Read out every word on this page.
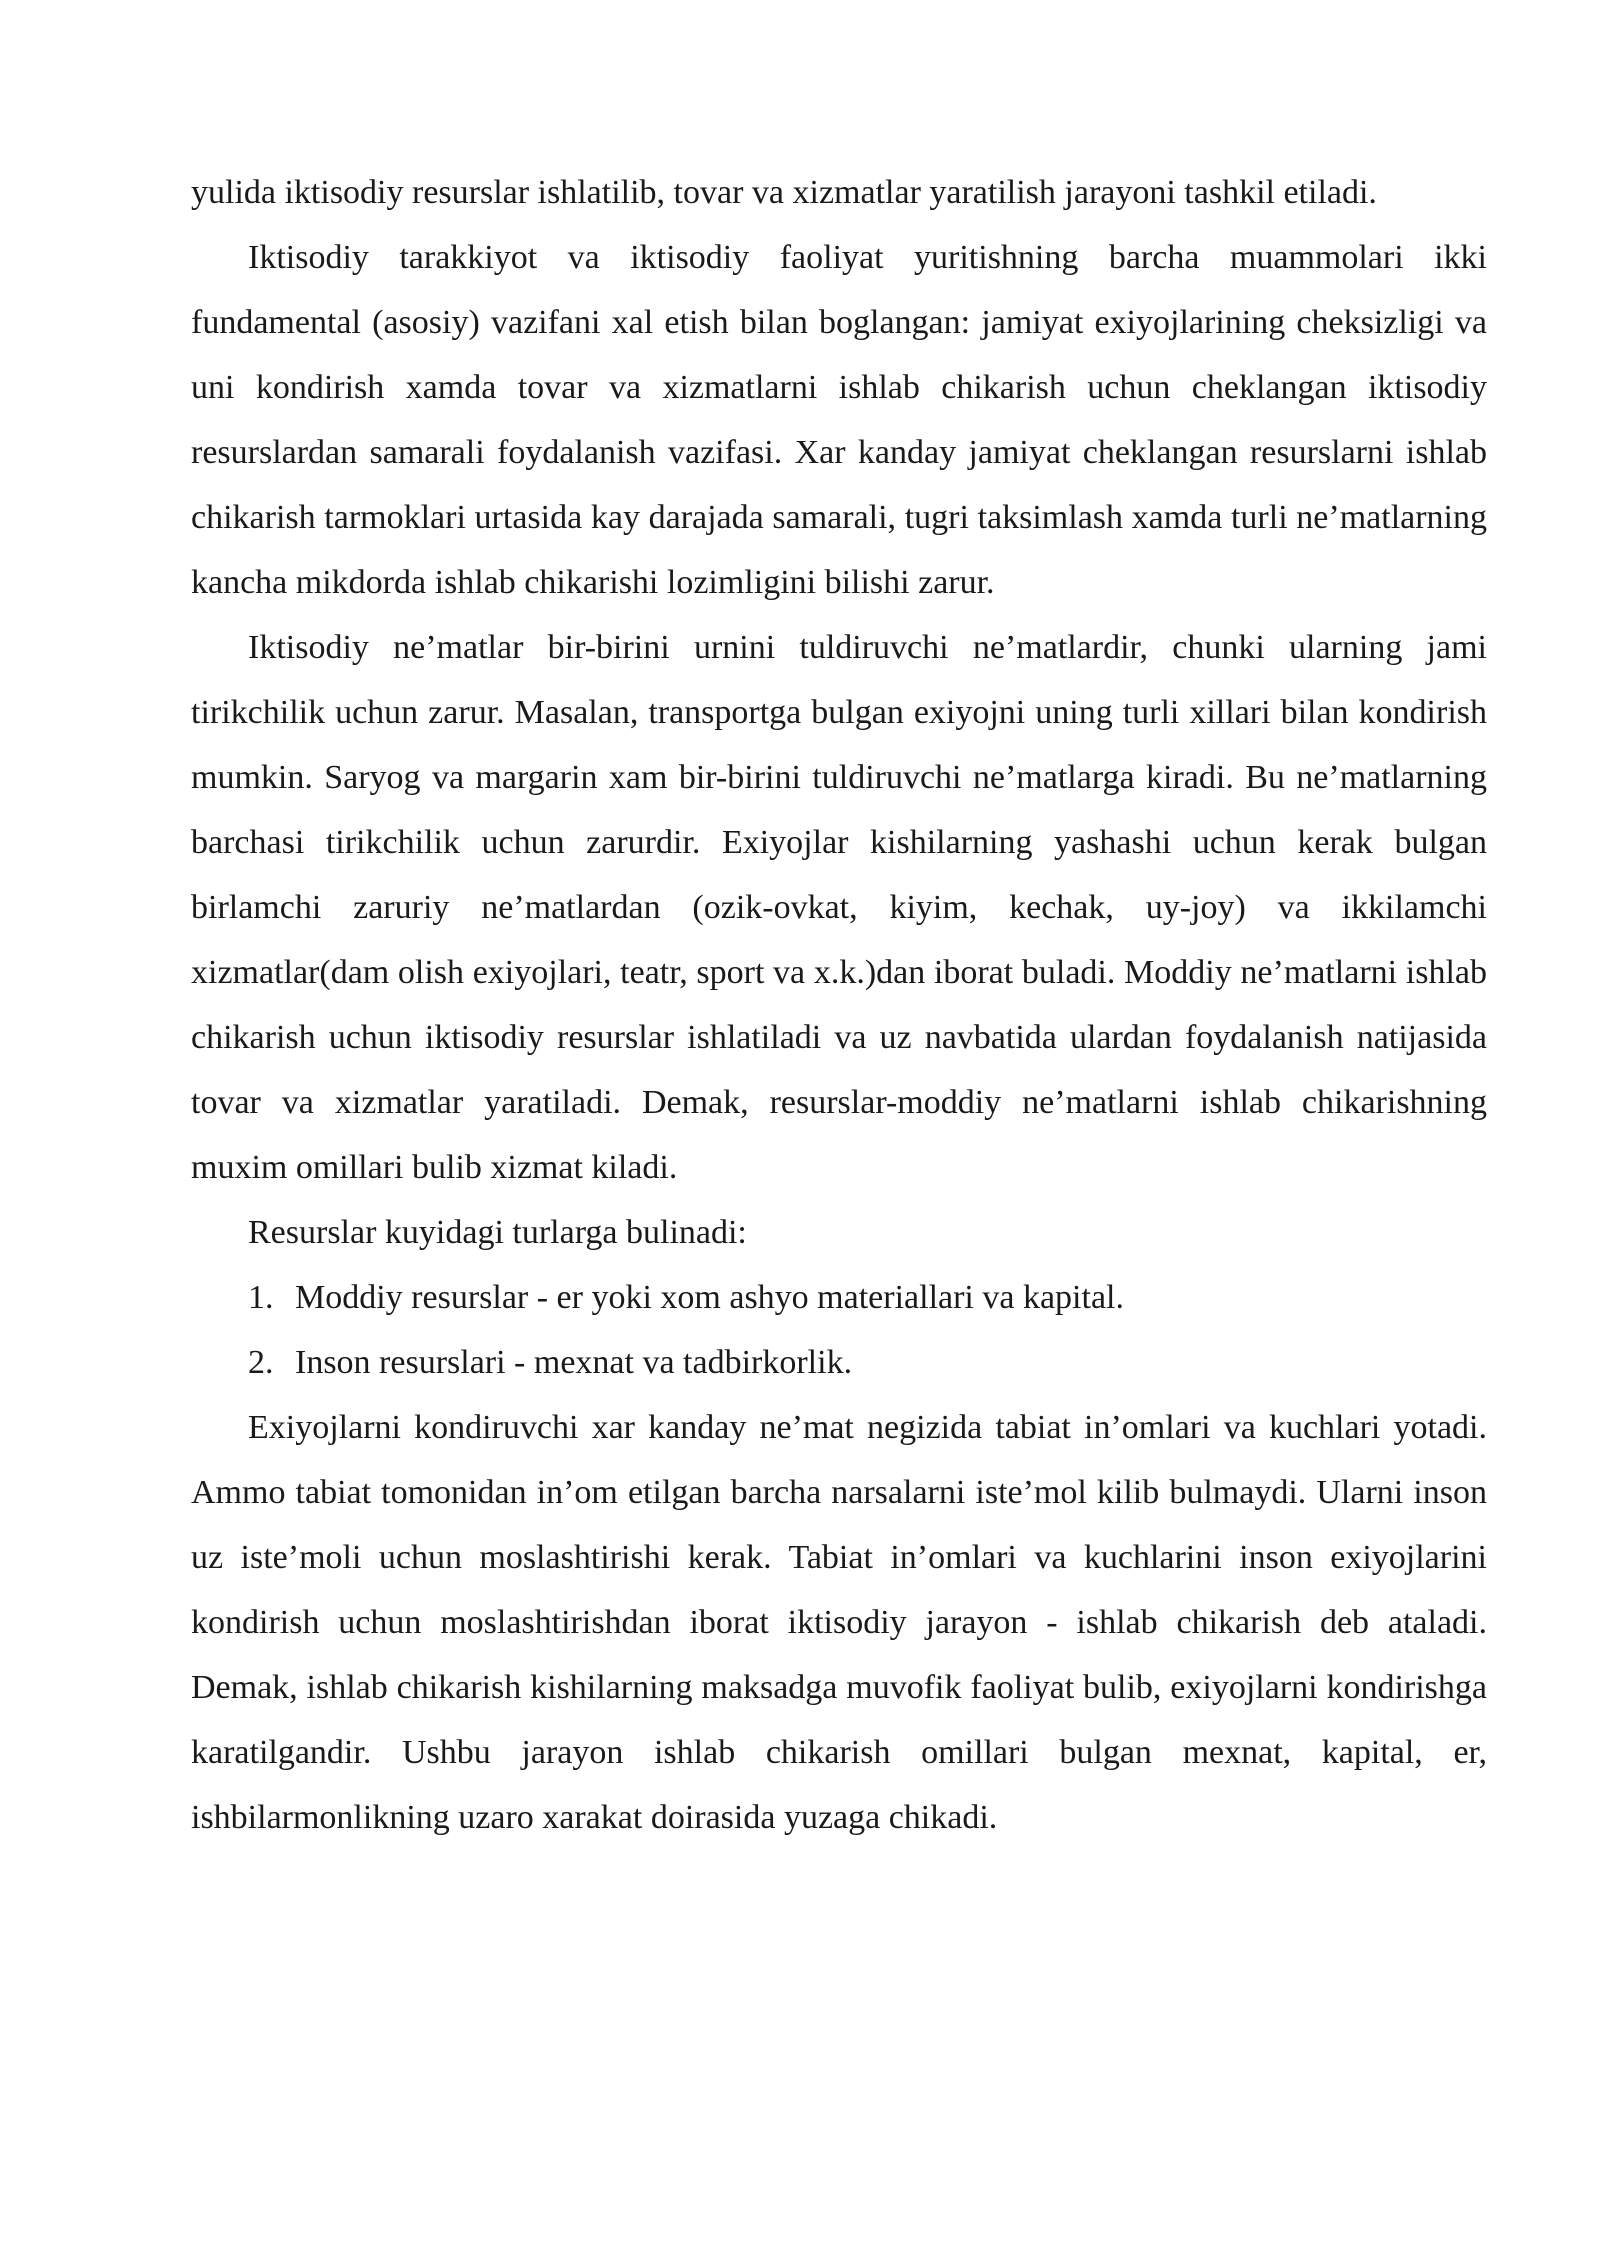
yulida iktisodiy resurslar ishlatilib, tovar va xizmatlar yaratilish jarayoni tashkil etiladi.

Iktisodiy tarakkiyot va iktisodiy faoliyat yuritishning barcha muammolari ikki fundamental (asosiy) vazifani xal etish bilan boglangan: jamiyat exiyojlarining cheksizligi va uni kondirish xamda tovar va xizmatlarni ishlab chikarish uchun cheklangan iktisodiy resurslardan samarali foydalanish vazifasi. Xar kanday jamiyat cheklangan resurslarni ishlab chikarish tarmoklari urtasida kay darajada samarali, tugri taksimlash xamda turli ne’matlarning kancha mikdorda ishlab chikarishi lozimligini bilishi zarur.

Iktisodiy ne’matlar bir-birini urnini tuldiruvchi ne’matlardir, chunki ularning jami tirikchilik uchun zarur. Masalan, transportga bulgan exiyojni uning turli xillari bilan kondirish mumkin. Saryog va margarin xam bir-birini tuldiruvchi ne’matlarga kiradi. Bu ne’matlarning barchasi tirikchilik uchun zarurdir. Exiyojlar kishilarning yashashi uchun kerak bulgan birlamchi zaruriy ne’matlardan (ozik-ovkat, kiyim, kechak, uy-joy) va ikkilamchi xizmatlar(dam olish exiyojlari, teatr, sport va x.k.)dan iborat buladi. Moddiy ne’matlarni ishlab chikarish uchun iktisodiy resurslar ishlatiladi va uz navbatida ulardan foydalanish natijasida tovar va xizmatlar yaratiladi. Demak, resurslar-moddiy ne’matlarni ishlab chikarishning muxim omillari bulib xizmat kiladi.

Resurslar kuyidagi turlarga bulinadi:

1. Moddiy resurslar - er yoki xom ashyo materiallari va kapital.

2. Inson resurslari - mexnat va tadbirkorlik.

Exiyojlarni kondiruvchi xar kanday ne’mat negizida tabiat in’omlari va kuchlari yotadi. Ammo tabiat tomonidan in’om etilgan barcha narsalarni iste’mol kilib bulmaydi. Ularni inson uz iste’moli uchun moslashtirishi kerak. Tabiat in’omlari va kuchlarini inson exiyojlarini kondirish uchun moslashtirishdan iborat iktisodiy jarayon - ishlab chikarish deb ataladi. Demak, ishlab chikarish kishilarning maksadga muvofik faoliyat bulib, exiyojlarni kondirishga karatilgandir. Ushbu jarayon ishlab chikarish omillari bulgan mexnat, kapital, er, ishbilarmonlikning uzaro xarakat doirasida yuzaga chikadi.
